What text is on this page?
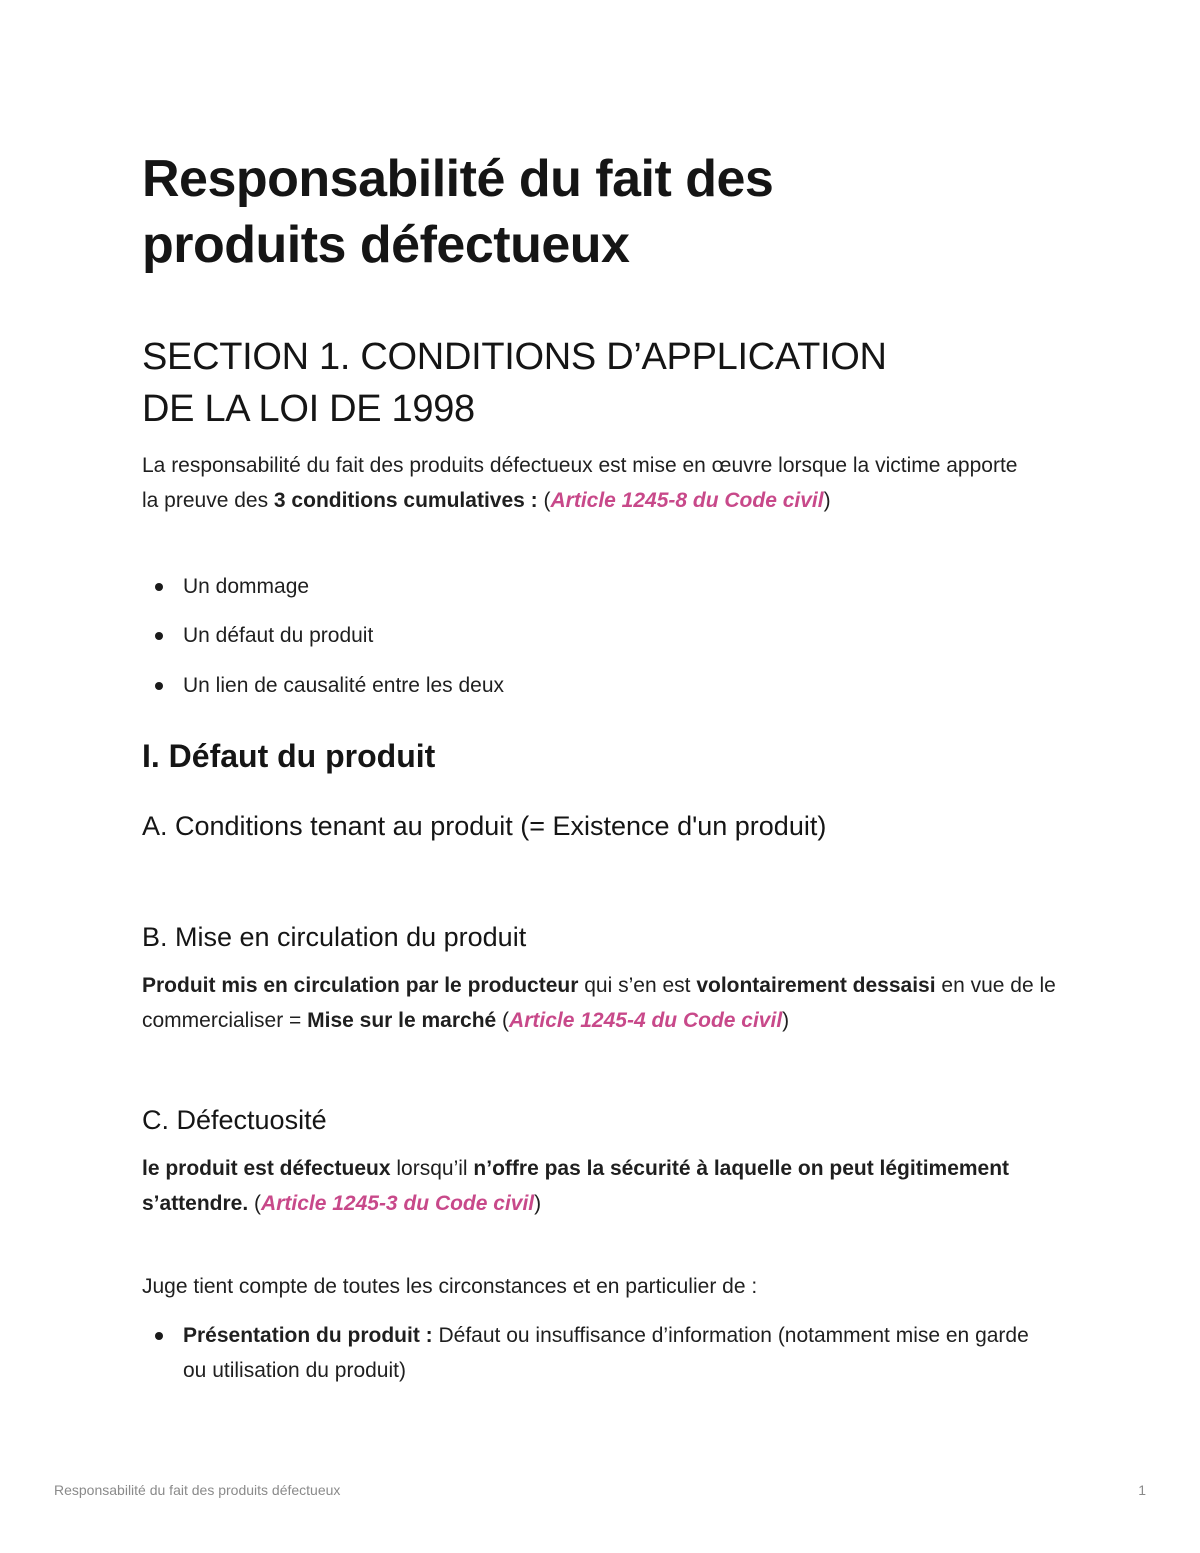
Responsabilité du fait des
produits défectueux
SECTION 1. CONDITIONS D’APPLICATION
DE LA LOI DE 1998

La responsabilité du fait des produits défectueux est mise en œuvre lorsque la victime apporte la preuve des 3 conditions cumulatives : (Article 1245-8 du Code civil)

Un dommage
Un défaut du produit
Un lien de causalité entre les deux
I. Défaut du produit
A. Conditions tenant au produit (= Existence d'un produit)
B. Mise en circulation du produit

Produit mis en circulation par le producteur qui s’en est volontairement dessaisi en vue de le commercialiser = Mise sur le marché (Article 1245-4 du Code civil)

C. Défectuosité

le produit est défectueux lorsqu’il n’offre pas la sécurité à laquelle on peut légitimement s’attendre. (Article 1245-3 du Code civil)

Juge tient compte de toutes les circonstances et en particulier de :

Présentation du produit : Défaut ou insuffisance d’information (notamment mise en garde ou utilisation du produit)
Responsabilité du fait des produits défectueux	1
